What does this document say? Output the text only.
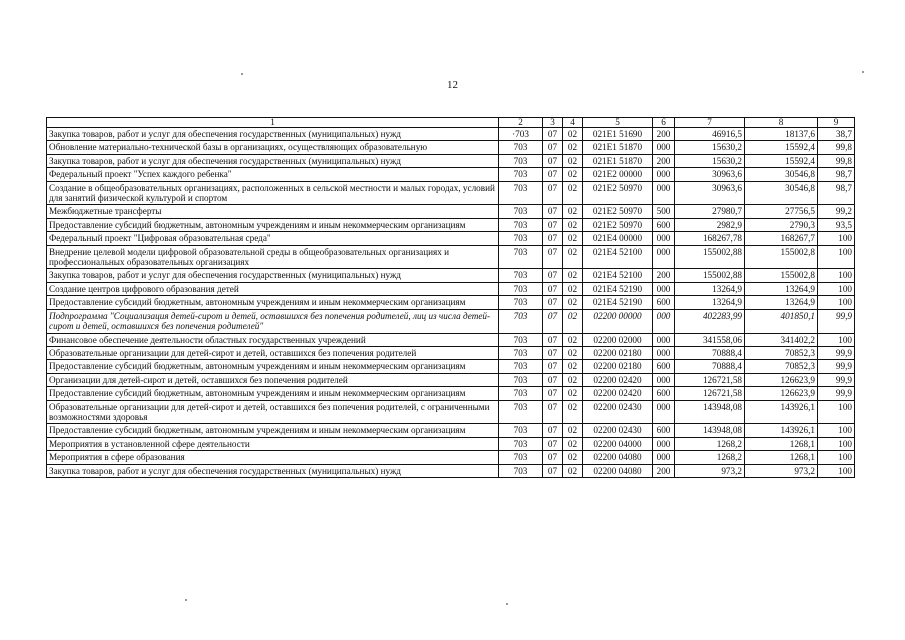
12
1	2	3	4	5	6	7	8	9
Закупка товаров, работ и услуг для обеспечения государственных (муниципальных) нужд	·703	07	02	021E1 51690	200	46916,5	18137,6	38,7
Обновление материально-технической базы в организациях, осуществляющих образовательную	703	07	02	021E1 51870	000	15630,2	15592,4	99,8
Закупка товаров, работ и услуг для обеспечения государственных (муниципальных) нужд	703	07	02	021E1 51870	200	15630,2	15592,4	99,8
Федеральный проект "Успех каждого ребенка"	703	07	02	021E2 00000	000	30963,6	30546,8	98,7
Создание в общеобразовательных организациях, расположенных в сельской местности и малых городах, условий для занятий физической культурой и спортом	703	07	02	021E2 50970	000	30963,6	30546,8	98,7
Межбюджетные трансферты	703	07	02	021E2 50970	500	27980,7	27756,5	99,2
Предоставление субсидий бюджетным, автономным учреждениям и иным некоммерческим организациям	703	07	02	021E2 50970	600	2982,9	2790,3	93,5
Федеральный проект "Цифровая образовательная среда"	703	07	02	021E4 00000	000	168267,78	168267,7	100
Внедрение целевой модели цифровой образовательной среды в общеобразовательных организациях и профессиональных образовательных организациях	703	07	02	021E4 52100	000	155002,88	155002,8	100
Закупка товаров, работ и услуг для обеспечения государственных (муниципальных) нужд	703	07	02	021E4 52100	200	155002,88	155002,8	100
Создание центров цифрового образования детей	703	07	02	021E4 52190	000	13264,9	13264,9	100
Предоставление субсидий бюджетным, автономным учреждениям и иным некоммерческим организациям	703	07	02	021E4 52190	600	13264,9	13264,9	100
Подпрограмма "Социализация детей-сирот и детей, оставшихся без попечения родителей, лиц из числа детей-сирот и детей, оставшихся без попечения родителей"	703	07	02	02200 00000	000	402283,99	401850,1	99,9
Финансовое обеспечение деятельности областных государственных учреждений	703	07	02	02200 02000	000	341558,06	341402,2	100
Образовательные организации для детей-сирот и детей, оставшихся без попечения родителей	703	07	02	02200 02180	000	70888,4	70852,3	99,9
Предоставление субсидий бюджетным, автономным учреждениям и иным некоммерческим организациям	703	07	02	02200 02180	600	70888,4	70852,3	99,9
Организации для детей-сирот и детей, оставшихся без попечения родителей	703	07	02	02200 02420	000	126721,58	126623,9	99,9
Предоставление субсидий бюджетным, автономным учреждениям и иным некоммерческим организациям	703	07	02	02200 02420	600	126721,58	126623,9	99,9
Образовательные организации для детей-сирот и детей, оставшихся без попечения родителей, с ограниченными возможностями здоровья	703	07	02	02200 02430	000	143948,08	143926,1	100
Предоставление субсидий бюджетным, автономным учреждениям и иным некоммерческим организациям	703	07	02	02200 02430	600	143948,08	143926,1	100
Мероприятия в установленной сфере деятельности	703	07	02	02200 04000	000	1268,2	1268,1	100
Мероприятия в сфере образования	703	07	02	02200 04080	000	1268,2	1268,1	100
Закупка товаров, работ и услуг для обеспечения государственных (муниципальных) нужд	703	07	02	02200 04080	200	973,2	973,2	100
